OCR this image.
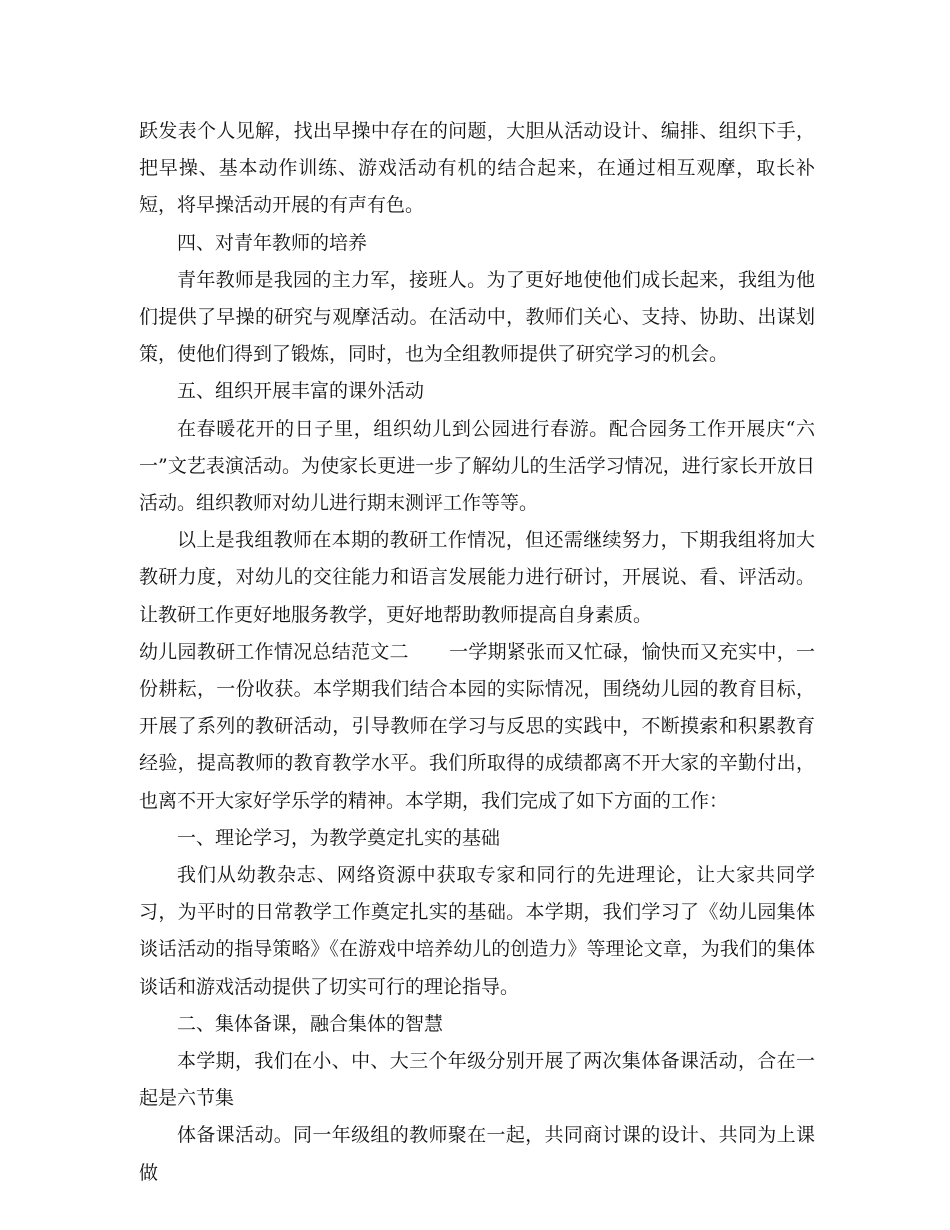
跃发表个人见解，找出早操中存在的问题，大胆从活动设计、编排、组织下手，把早操、基本动作训练、游戏活动有机的结合起来，在通过相互观摩，取长补短，将早操活动开展的有声有色。

四、对青年教师的培养

青年教师是我园的主力军，接班人。为了更好地使他们成长起来，我组为他们提供了早操的研究与观摩活动。在活动中，教师们关心、支持、协助、出谋划策，使他们得到了锻炼，同时，也为全组教师提供了研究学习的机会。

五、组织开展丰富的课外活动

在春暖花开的日子里，组织幼儿到公园进行春游。配合园务工作开展庆“六一”文艺表演活动。为使家长更进一步了解幼儿的生活学习情况，进行家长开放日活动。组织教师对幼儿进行期末测评工作等等。

以上是我组教师在本期的教研工作情况，但还需继续努力，下期我组将加大教研力度，对幼儿的交往能力和语言发展能力进行研讨，开展说、看、评活动。让教研工作更好地服务教学，更好地帮助教师提高自身素质。

幼儿园教研工作情况总结范文二 一学期紧张而又忙碌，愉快而又充实中，一份耕耘，一份收获。本学期我们结合本园的实际情况，围绕幼儿园的教育目标，开展了系列的教研活动，引导教师在学习与反思的实践中，不断摸索和积累教育经验，提高教师的教育教学水平。我们所取得的成绩都离不开大家的辛勤付出，也离不开大家好学乐学的精神。本学期，我们完成了如下方面的工作：

一、理论学习，为教学奠定扎实的基础

我们从幼教杂志、网络资源中获取专家和同行的先进理论，让大家共同学习，为平时的日常教学工作奠定扎实的基础。本学期，我们学习了《幼儿园集体谈话活动的指导策略》《在游戏中培养幼儿的创造力》等理论文章，为我们的集体谈话和游戏活动提供了切实可行的理论指导。

二、集体备课，融合集体的智慧

本学期，我们在小、中、大三个年级分别开展了两次集体备课活动，合在一起是六节集

体备课活动。同一年级组的教师聚在一起，共同商讨课的设计、共同为上课做
